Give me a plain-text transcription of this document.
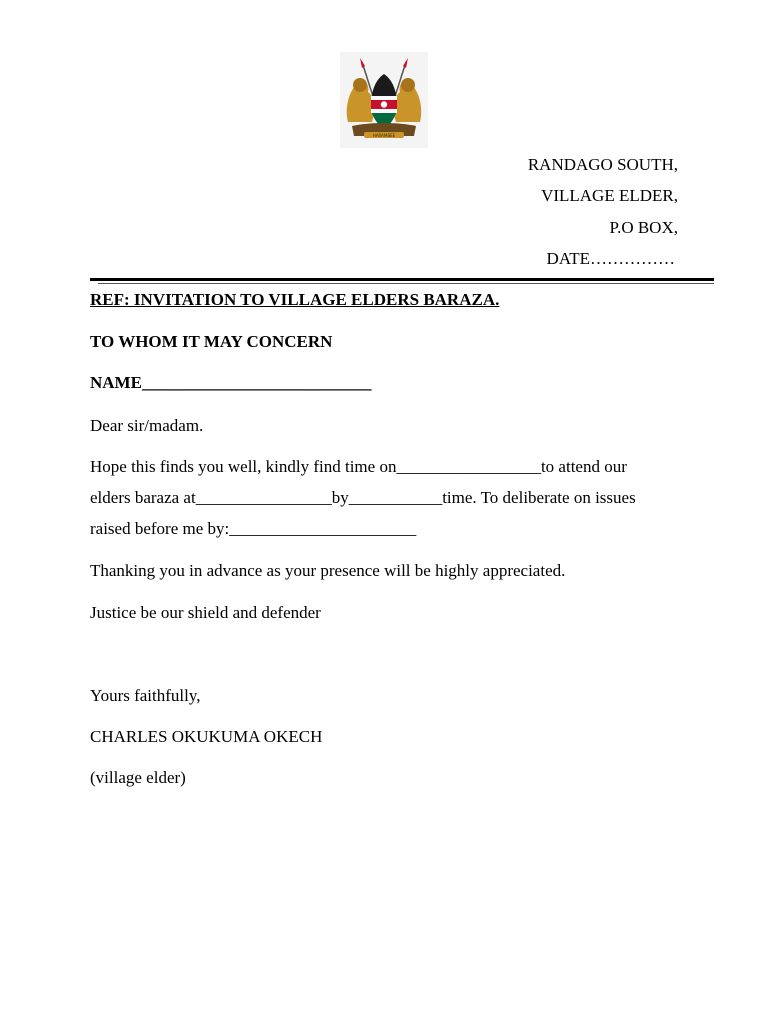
HARAMBEE
RANDAGO SOUTH,
VILLAGE ELDER,
P.O BOX,
DATE……………
REF: INVITATION TO VILLAGE ELDERS BARAZA.
TO WHOM IT MAY CONCERN
NAME___________________________
Dear sir/madam.
Hope this finds you well, kindly find time on_________________to attend our
elders baraza at________________by___________time. To deliberate on issues
raised before me by:______________________
Thanking you in advance as your presence will be highly appreciated.
Justice be our shield and defender
Yours faithfully,
CHARLES OKUKUMA OKECH
(village elder)
